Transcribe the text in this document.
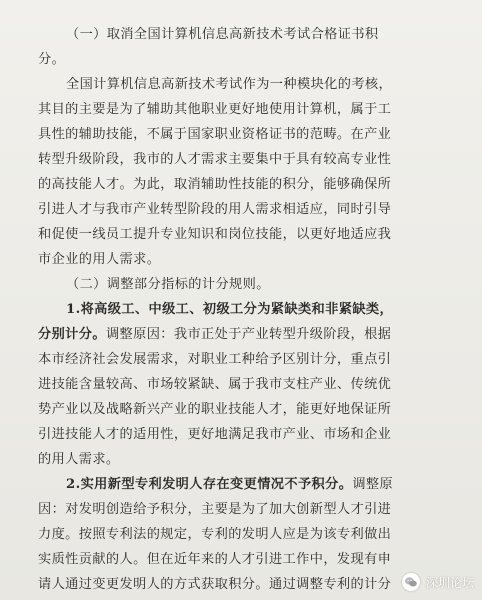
（一）取消全国计算机信息高新技术考试合格证书积
分。
全国计算机信息高新技术考试作为一种模块化的考核，
其目的主要是为了辅助其他职业更好地使用计算机，属于工
具性的辅助技能，不属于国家职业资格证书的范畴。在产业
转型升级阶段，我市的人才需求主要集中于具有较高专业性
的高技能人才。为此，取消辅助性技能的积分，能够确保所
引进人才与我市产业转型阶段的用人需求相适应，同时引导
和促使一线员工提升专业知识和岗位技能，以更好地适应我
市企业的用人需求。
（二）调整部分指标的计分规则。
1.将高级工、中级工、初级工分为紧缺类和非紧缺类，
分别计分。调整原因：我市正处于产业转型升级阶段，根据
本市经济社会发展需求，对职业工种给予区别计分，重点引
进技能含量较高、市场较紧缺、属于我市支柱产业、传统优
势产业以及战略新兴产业的职业技能人才，能更好地保证所
引进技能人才的适用性，更好地满足我市产业、市场和企业
的用人需求。
2.实用新型专利发明人存在变更情况不予积分。调整原
因：对发明创造给予积分，主要是为了加大创新型人才引进
力度。按照专利法的规定，专利的发明人应是为该专利做出
实质性贡献的人。但在近年来的人才引进工作中，发现有申
请人通过变更发明人的方式获取积分。通过调整专利的计分	深圳论坛
